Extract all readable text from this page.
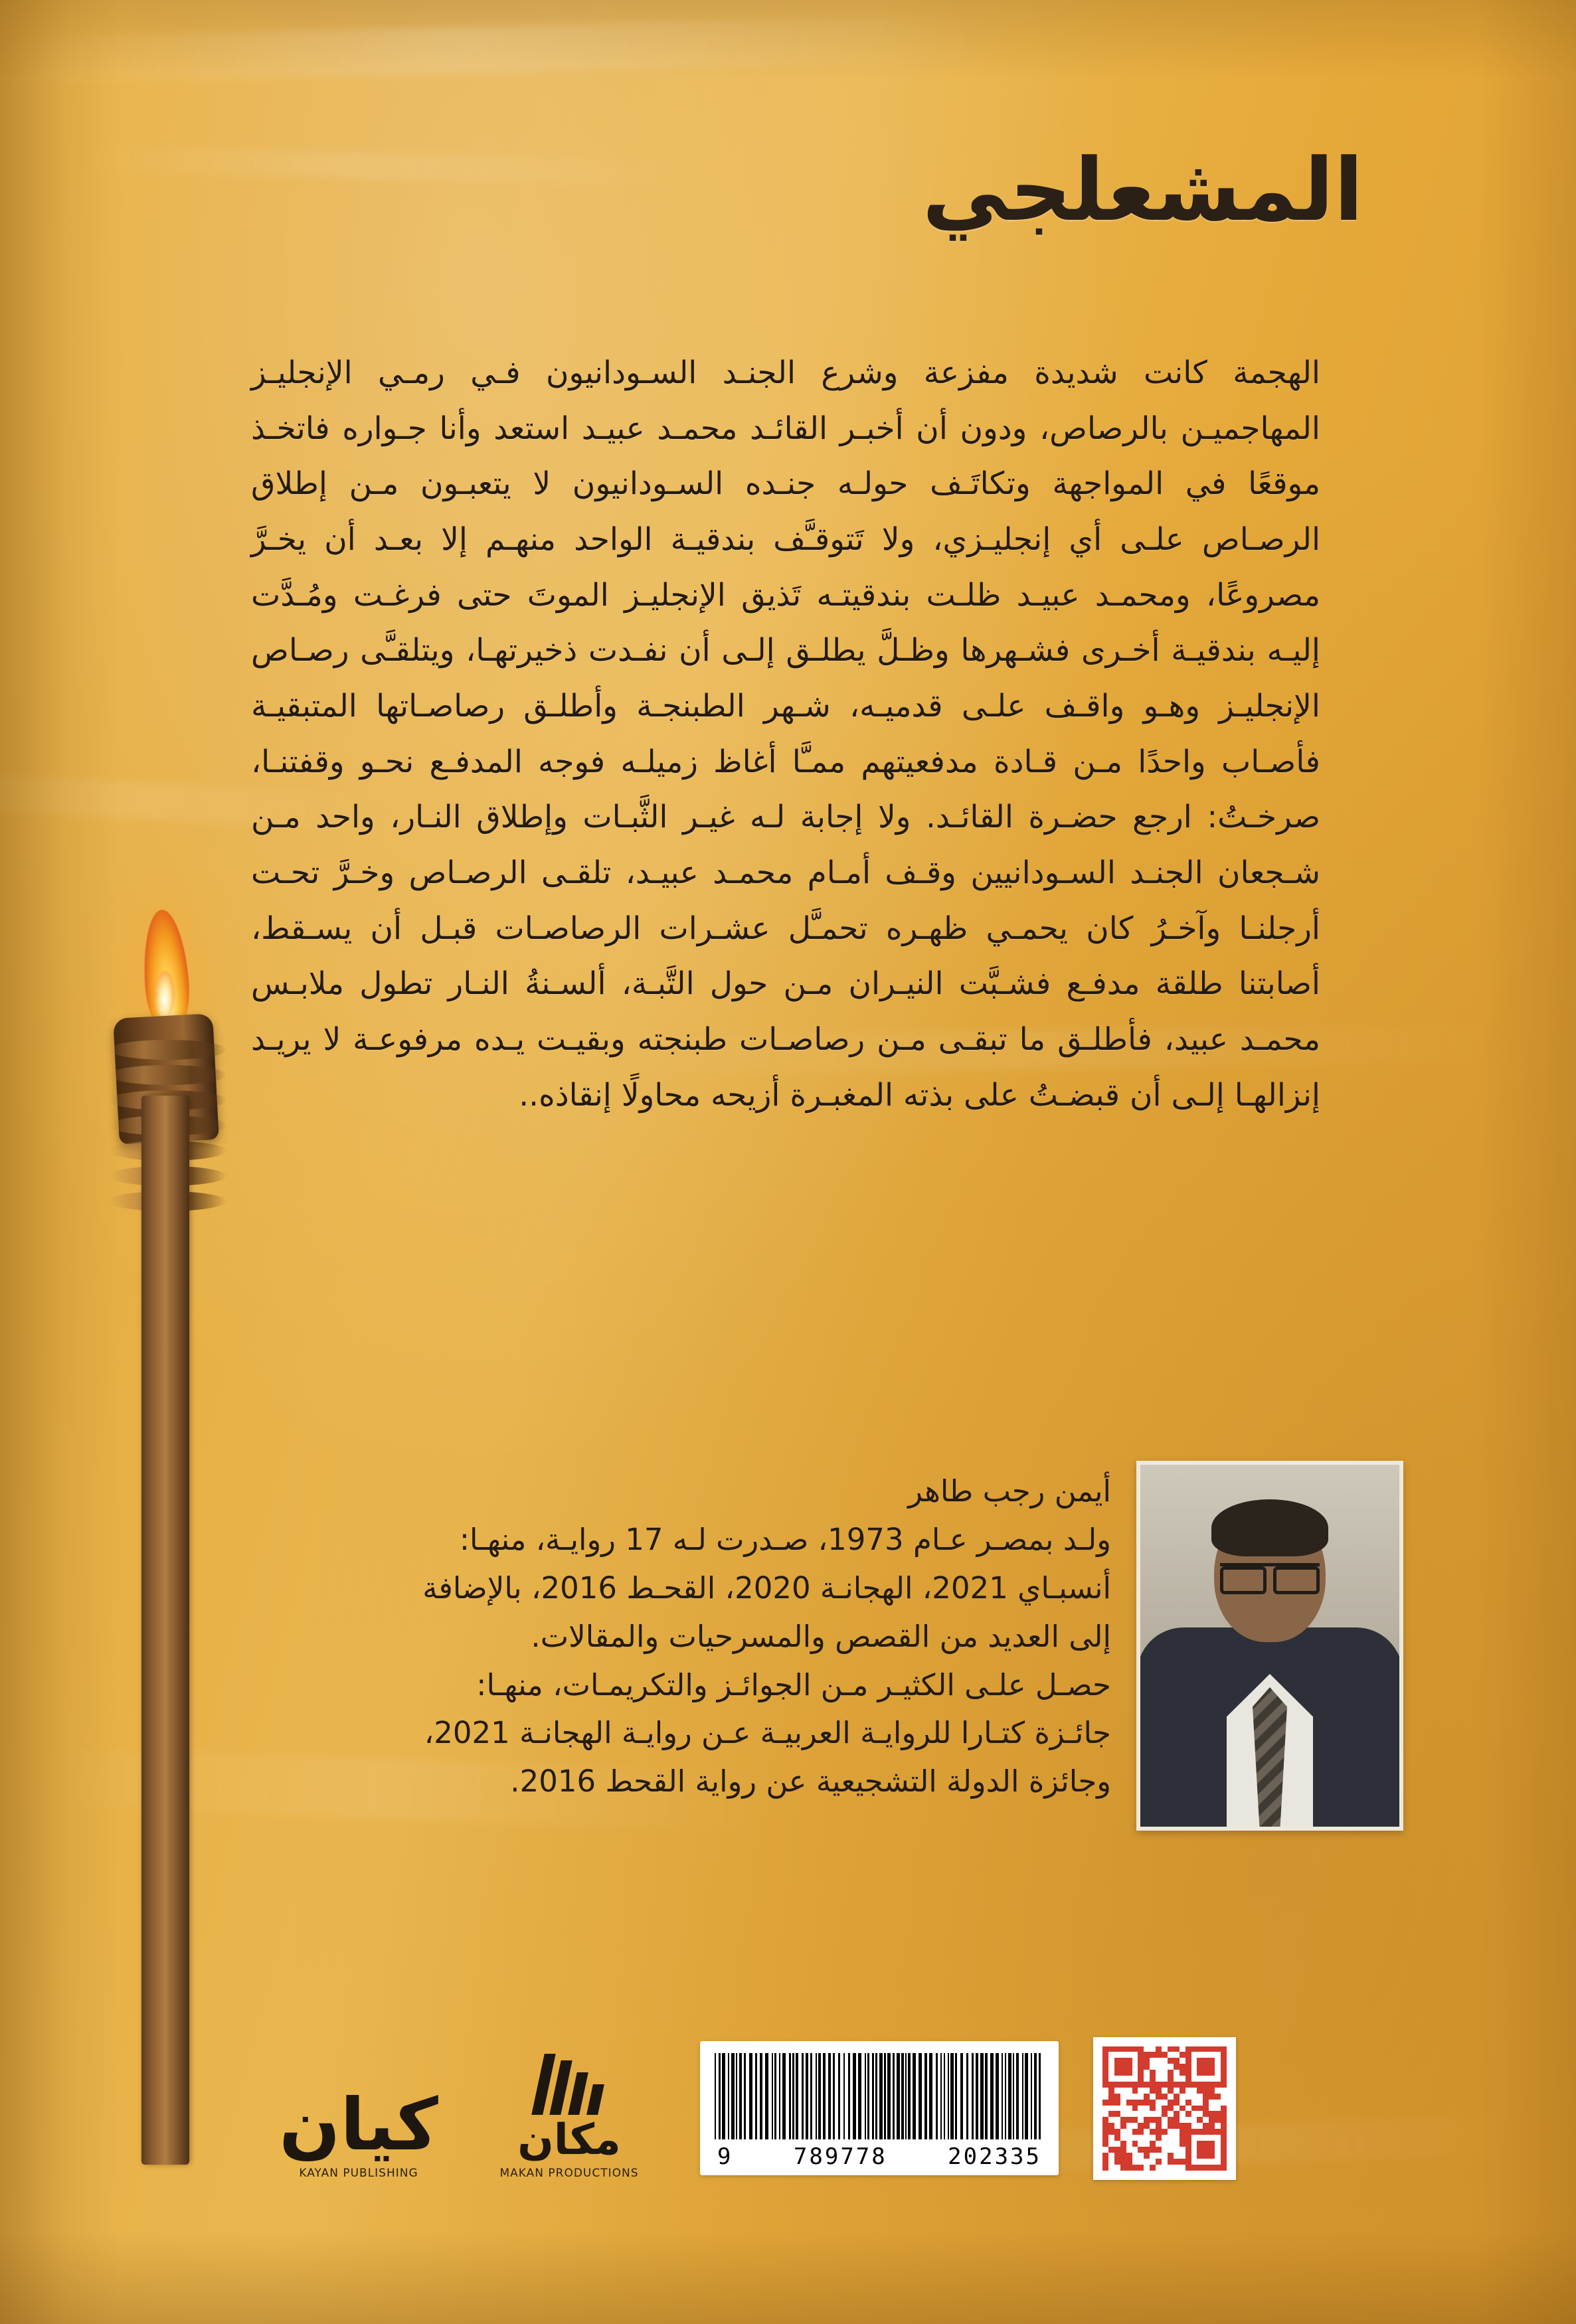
المشعلجي
الهجمة كانت شديدة مفزعة وشرع الجنـد السـودانيون فـي رمـي الإنجليـز المهاجميـن بالرصاص، ودون أن أخبـر القائـد محمـد عبيـد استعد وأنا جـواره فاتخـذ موقعًا في المواجهة وتكاتَـف حولـه جنـده السـودانيون لا يتعبـون مـن إطلاق الرصـاص علـى أي إنجليـزي، ولا تَتوقـَّف بندقيـة الواحد منهـم إلا بعـد أن يخـرَّ مصروعًا، ومحمـد عبيـد ظلـت بندقيتـه تَذيق الإنجليـز الموتَ حتى فرغـت ومُـدَّت إليـه بندقيـة أخـرى فشـهرها وظـلَّ يطلـق إلـى أن نفـدت ذخيرتهـا، ويتلقـَّى رصـاص الإنجليـز وهـو واقـف علـى قدميـه، شـهر الطبنجـة وأطلـق رصاصـاتها المتبقيـة فأصـاب واحدًا مـن قـادة مدفعيتهم ممـَّا أغاظ زميلـه فوجه المدفـع نحـو وقفتنـا، صرخـتُ: ارجع حضـرة القائـد. ولا إجابة لـه غيـر الثَّبـات وإطلاق النـار، واحد مـن شـجعان الجنـد السـودانيين وقـف أمـام محمـد عبيـد، تلقـى الرصـاص وخـرَّ تحـت أرجلنـا وآخـرُ كان يحمـي ظهـره تحمـَّل عشـرات الرصاصـات قبـل أن يسـقط، أصابتنا طلقة مدفـع فشـبَّت النيـران مـن حول التَّبـة، ألسـنةُ النـار تطول ملابـس محمـد عبيد، فأطلـق ما تبقـى مـن رصاصـات طبنجته وبقيـت يـده مرفوعـة لا يريـد إنزالهـا إلـى أن قبضـتُ على بذته المغبـرة أزيحه محاولًا إنقاذه..
أيمن رجب طاهر
ولـد بمصـر عـام 1973، صـدرت لـه 17 روايـة، منهـا:
أنسبـاي 2021، الهجانـة 2020، القحـط 2016، بالإضافة
إلى العديد من القصص والمسرحيات والمقالات.
حصـل علـى الكثيـر مـن الجوائـز والتكريمـات، منهـا:
جائـزة كتـارا للروايـة العربيـة عـن روايـة الهجانـة 2021،
وجائزة الدولة التشجيعية عن رواية القحط 2016.
كيان
KAYAN PUBLISHING
مكان
MAKAN PRODUCTIONS
9	789778	202335
